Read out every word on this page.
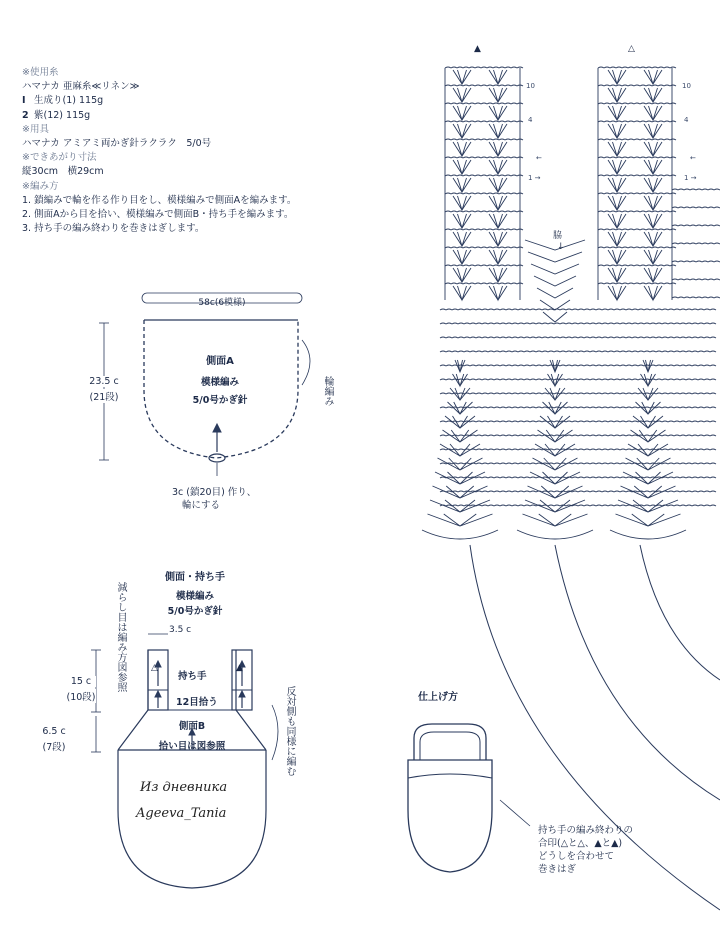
※使用糸
ハマナカ 亜麻糸≪リネン≫
Ⅰ 生成り(1) 115g
2 紫(12) 115g
※用具
ハマナカ アミアミ両かぎ針ラクラク　5/0号
※できあがり寸法
縦30cm　横29cm
※編み方
1. 鎖編みで輪を作る作り目をし、模様編みで側面Aを編みます。
2. 側面Aから目を拾い、模様編みで側面B・持ち手を編みます。
3. 持ち手の編み終わりを巻きはぎします。
58c(6模様)
23.5 c
(21段)
側面A
模様編み
5/0号かぎ針	輪編み
3c (鎖20目) 作り、
輪にする
側面・持ち手
模様編み
5/0号かぎ針
3.5 c
△	▲
持ち手
12目拾う
側面B
拾い目は図参照
15 c
(10段)
6.5 c
(7段)
減らし目は編み方図参照
反対側も同様に編む
Из дневника
Ageeva_Tania
仕上げ方
持ち手の編み終わりの
合印(△と△、▲と▲)
どうしを合わせて
巻きはぎ
▲	△
10	10
4	4
←	←
1 →	1 →
脇
↓
